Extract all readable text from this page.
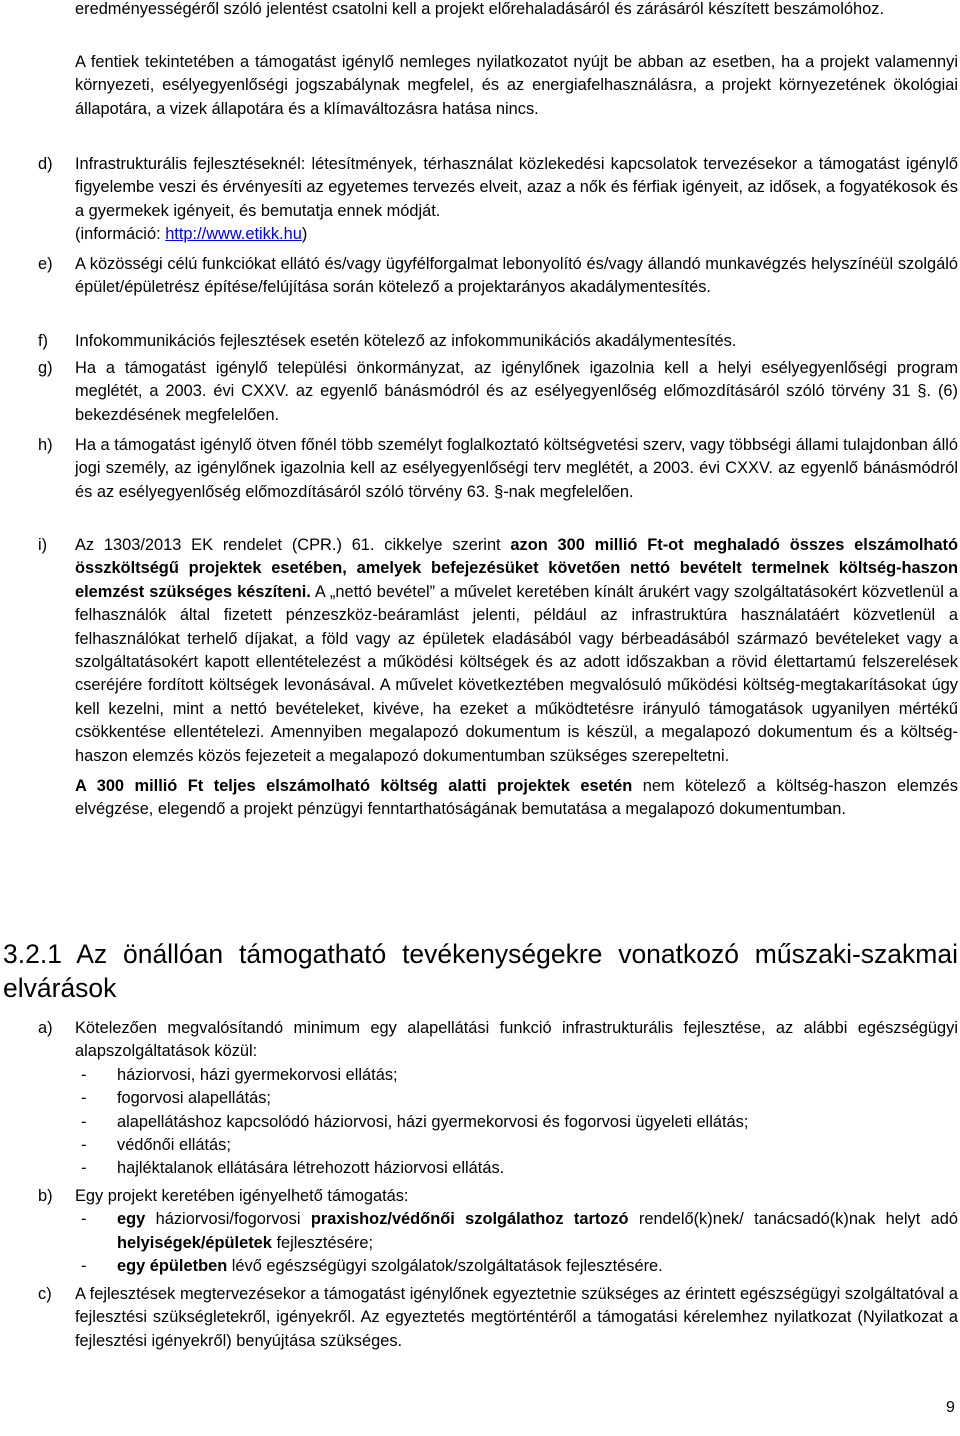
eredményességéről szóló jelentést csatolni kell a projekt előrehaladásáról és zárásáról készített beszámolóhoz.

A fentiek tekintetében a támogatást igénylő nemleges nyilatkozatot nyújt be abban az esetben, ha a projekt valamennyi környezeti, esélyegyenlőségi jogszabálynak megfelel, és az energiafelhasználásra, a projekt környezetének ökológiai állapotára, a vizek állapotára és a klímaváltozásra hatása nincs.

d)	Infrastrukturális fejlesztéseknél: létesítmények, térhasználat közlekedési kapcsolatok tervezésekor a támogatást igénylő figyelembe veszi és érvényesíti az egyetemes tervezés elveit, azaz a nők és férfiak igényeit, az idősek, a fogyatékosok és a gyermekek igényeit, és bemutatja ennek módját.
(információ: http://www.etikk.hu)

e)	A közösségi célú funkciókat ellátó és/vagy ügyfélforgalmat lebonyolító és/vagy állandó munkavégzés helyszínéül szolgáló épület/épületrész építése/felújítása során kötelező a projektarányos akadálymentesítés.

f)	Infokommunikációs fejlesztések esetén kötelező az infokommunikációs akadálymentesítés.

g)	Ha a támogatást igénylő települési önkormányzat, az igénylőnek igazolnia kell a helyi esélyegyenlőségi program meglétét, a 2003. évi CXXV. az egyenlő bánásmódról és az esélyegyenlőség előmozdításáról szóló törvény 31 §. (6) bekezdésének megfelelően.

h)	Ha a támogatást igénylő ötven főnél több személyt foglalkoztató költségvetési szerv, vagy többségi állami tulajdonban álló jogi személy, az igénylőnek igazolnia kell az esélyegyenlőségi terv meglétét, a 2003. évi CXXV. az egyenlő bánásmódról és az esélyegyenlőség előmozdításáról szóló törvény 63. §-nak megfelelően.

i)	Az 1303/2013 EK rendelet (CPR.) 61. cikkelye szerint azon 300 millió Ft-ot meghaladó összes elszámolható összköltségű projektek esetében, amelyek befejezésüket követően nettó bevételt termelnek költség-haszon elemzést szükséges készíteni. A „nettó bevétel” a művelet keretében kínált árukért vagy szolgáltatásokért közvetlenül a felhasználók által fizetett pénzeszköz-beáramlást jelenti, például az infrastruktúra használatáért közvetlenül a felhasználókat terhelő díjakat, a föld vagy az épületek eladásából vagy bérbeadásából származó bevételeket vagy a szolgáltatásokért kapott ellentételezést a működési költségek és az adott időszakban a rövid élettartamú felszerelések cseréjére fordított költségek levonásával. A művelet következtében megvalósuló működési költség-megtakarításokat úgy kell kezelni, mint a nettó bevételeket, kivéve, ha ezeket a működtetésre irányuló támogatások ugyanilyen mértékű csökkentése ellentételezi. Amennyiben megalapozó dokumentum is készül, a megalapozó dokumentum és a költség-haszon elemzés közös fejezeteit a megalapozó dokumentumban szükséges szerepeltetni.

A 300 millió Ft teljes elszámolható költség alatti projektek esetén nem kötelező a költség-haszon elemzés elvégzése, elegendő a projekt pénzügyi fenntarthatóságának bemutatása a megalapozó dokumentumban.

3.2.1 Az önállóan támogatható tevékenységekre vonatkozó műszaki-szakmai elvárások
a)	Kötelezően megvalósítandó minimum egy alapellátási funkció infrastrukturális fejlesztése, az alábbi egészségügyi alapszolgáltatások közül:

- háziorvosi, házi gyermekorvosi ellátás;
- fogorvosi alapellátás;
- alapellátáshoz kapcsolódó háziorvosi, házi gyermekorvosi és fogorvosi ügyeleti ellátás;
- védőnői ellátás;
- hajléktalanok ellátására létrehozott háziorvosi ellátás.
b)	Egy projekt keretében igényelhető támogatás:

- egy háziorvosi/fogorvosi praxishoz/védőnői szolgálathoz tartozó rendelő(k)nek/ tanácsadó(k)nak helyt adó helyiségek/épületek fejlesztésére;
- egy épületben lévő egészségügyi szolgálatok/szolgáltatások fejlesztésére.
c)	A fejlesztések megtervezésekor a támogatást igénylőnek egyeztetnie szükséges az érintett egészségügyi szolgáltatóval a fejlesztési szükségletekről, igényekről. Az egyeztetés megtörténtéről a támogatási kérelemhez nyilatkozat (Nyilatkozat a fejlesztési igényekről) benyújtása szükséges.

9
